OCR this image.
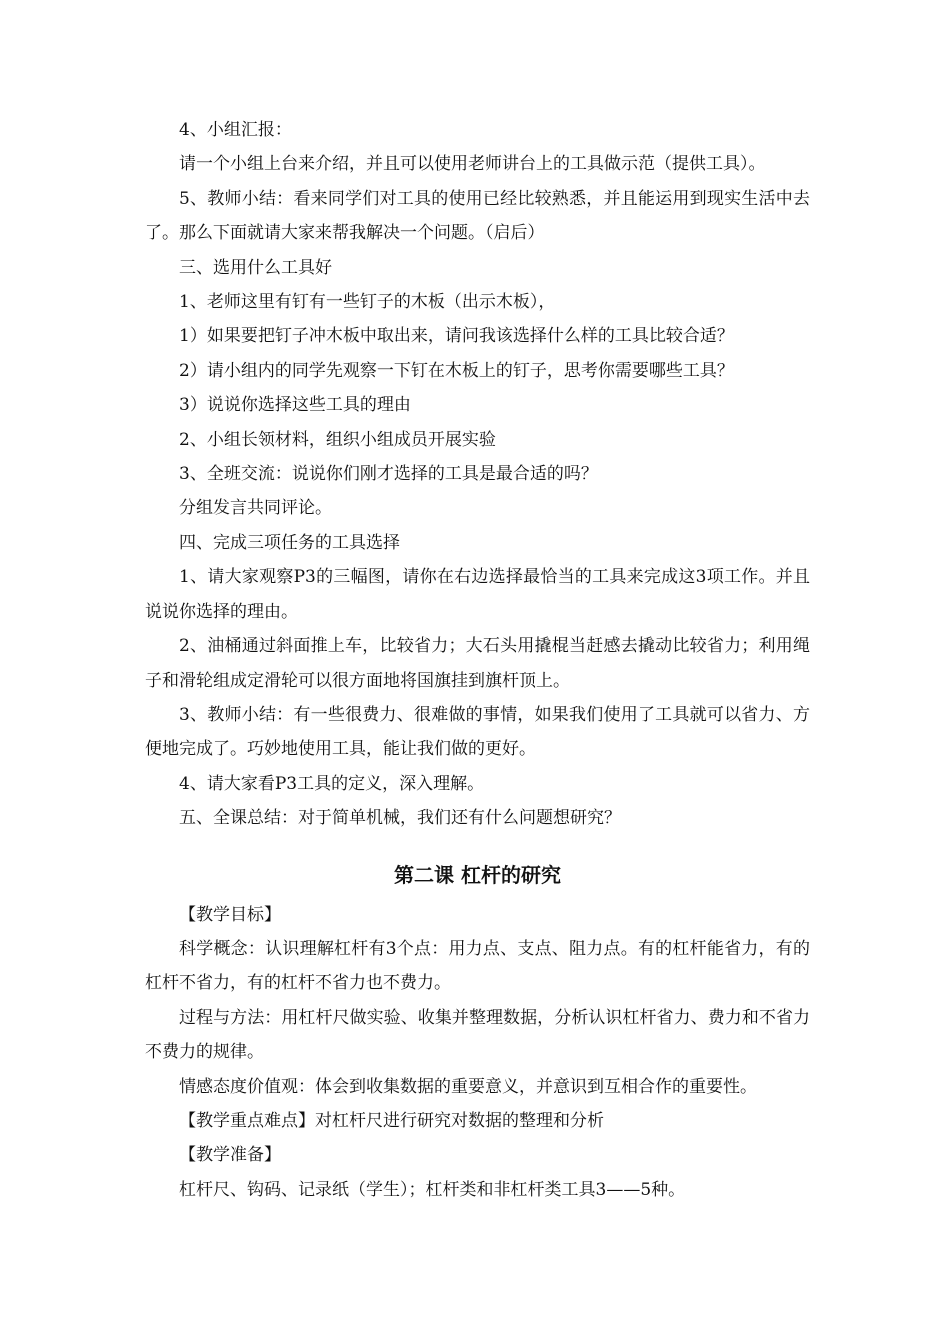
4、小组汇报：

请一个小组上台来介绍，并且可以使用老师讲台上的工具做示范（提供工具）。

5、教师小结：看来同学们对工具的使用已经比较熟悉，并且能运用到现实生活中去了。那么下面就请大家来帮我解决一个问题。（启后）

三、选用什么工具好

1、老师这里有钉有一些钉子的木板（出示木板），

1）如果要把钉子冲木板中取出来，请问我该选择什么样的工具比较合适？

2）请小组内的同学先观察一下钉在木板上的钉子，思考你需要哪些工具？

3）说说你选择这些工具的理由

2、小组长领材料，组织小组成员开展实验

3、全班交流：说说你们刚才选择的工具是最合适的吗？

分组发言共同评论。

四、完成三项任务的工具选择

1、请大家观察P3的三幅图，请你在右边选择最恰当的工具来完成这3项工作。并且说说你选择的理由。

2、油桶通过斜面推上车，比较省力；大石头用撬棍当赶感去撬动比较省力；利用绳子和滑轮组成定滑轮可以很方面地将国旗挂到旗杆顶上。

3、教师小结：有一些很费力、很难做的事情，如果我们使用了工具就可以省力、方便地完成了。巧妙地使用工具，能让我们做的更好。

4、请大家看P3工具的定义，深入理解。

五、全课总结：对于简单机械，我们还有什么问题想研究？

第二课 杠杆的研究

【教学目标】

科学概念：认识理解杠杆有3个点：用力点、支点、阻力点。有的杠杆能省力，有的杠杆不省力，有的杠杆不省力也不费力。

过程与方法：用杠杆尺做实验、收集并整理数据，分析认识杠杆省力、费力和不省力不费力的规律。

情感态度价值观：体会到收集数据的重要意义，并意识到互相合作的重要性。

【教学重点难点】对杠杆尺进行研究对数据的整理和分析

【教学准备】

杠杆尺、钩码、记录纸（学生）；杠杆类和非杠杆类工具3——5种。
